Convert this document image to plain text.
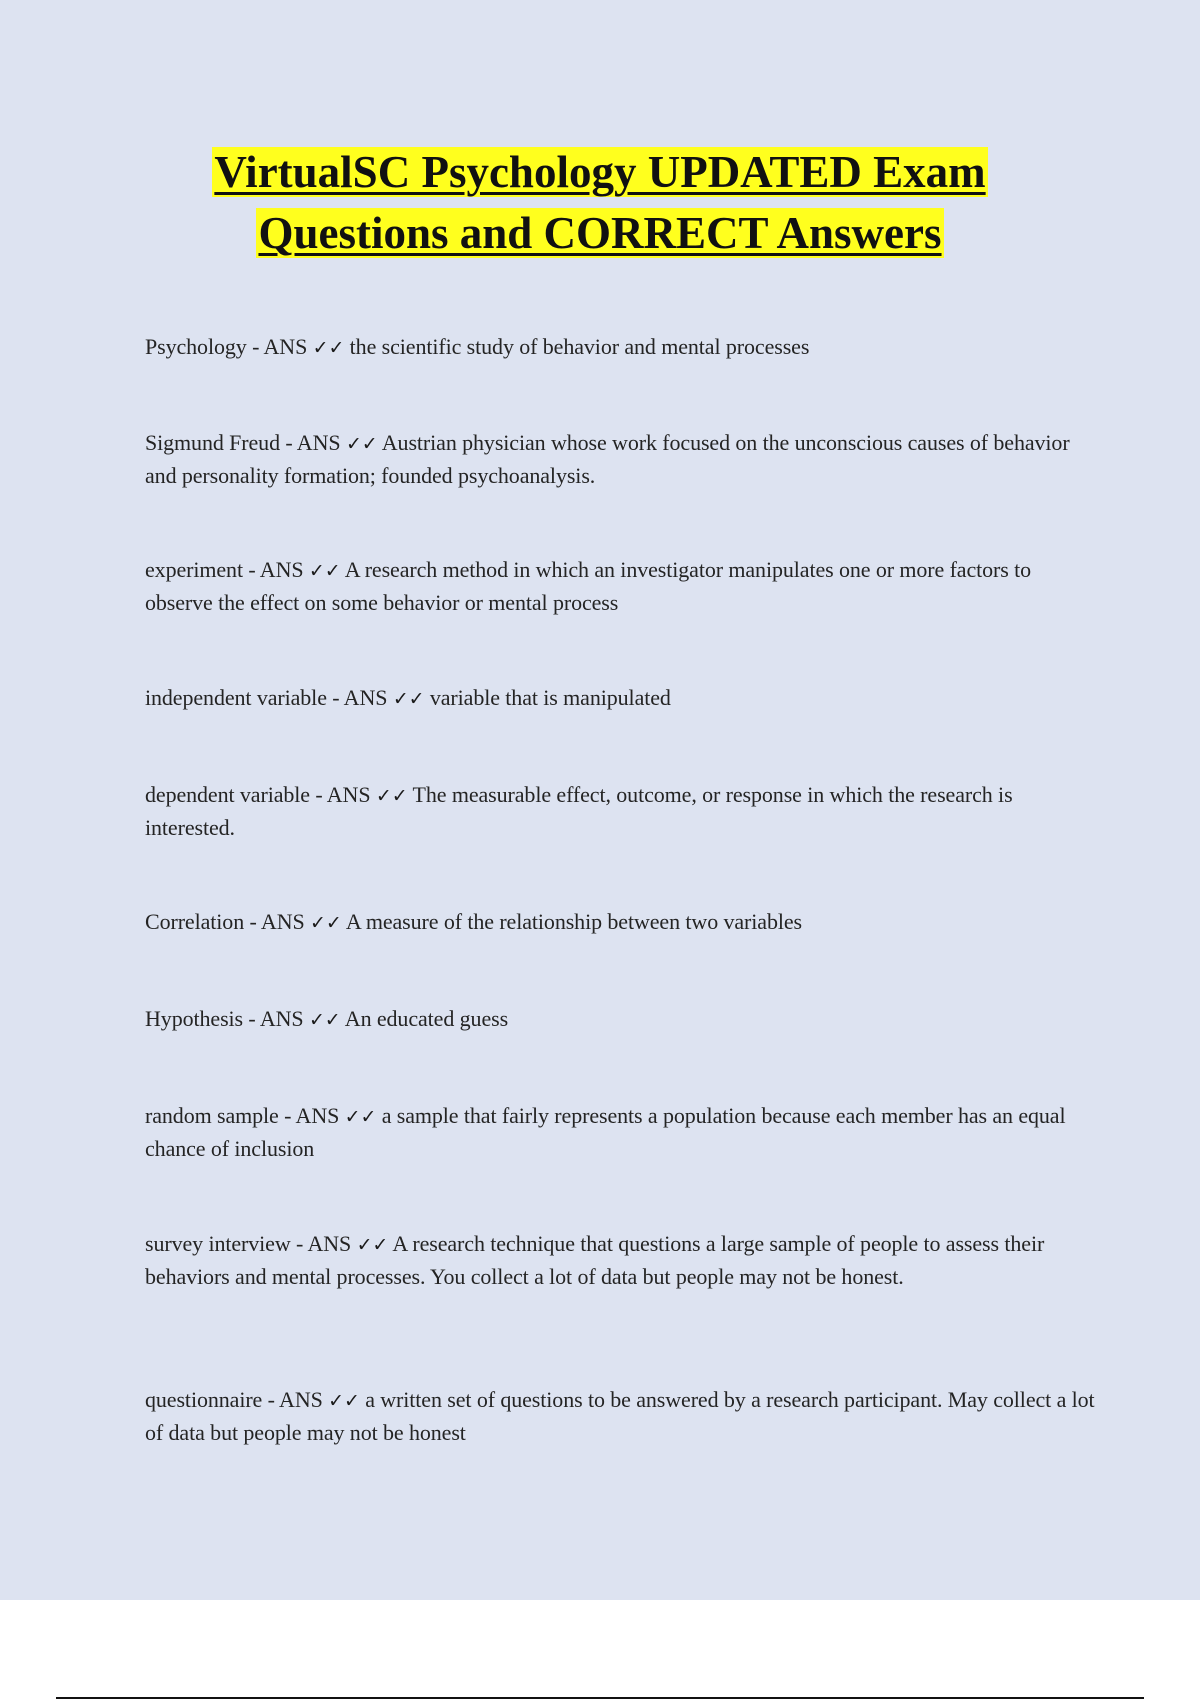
VirtualSC Psychology UPDATED Exam
Questions and CORRECT Answers
Psychology - ANS ✓✓ the scientific study of behavior and mental processes
Sigmund Freud - ANS ✓✓ Austrian physician whose work focused on the unconscious causes of behavior and personality formation; founded psychoanalysis.
experiment - ANS ✓✓ A research method in which an investigator manipulates one or more factors to observe the effect on some behavior or mental process
independent variable - ANS ✓✓ variable that is manipulated
dependent variable - ANS ✓✓ The measurable effect, outcome, or response in which the research is interested.
Correlation - ANS ✓✓ A measure of the relationship between two variables
Hypothesis - ANS ✓✓ An educated guess
random sample - ANS ✓✓ a sample that fairly represents a population because each member has an equal chance of inclusion
survey interview - ANS ✓✓ A research technique that questions a large sample of people to assess their behaviors and mental processes. You collect a lot of data but people may not be honest.
questionnaire - ANS ✓✓ a written set of questions to be answered by a research participant. May collect a lot of data but people may not be honest
